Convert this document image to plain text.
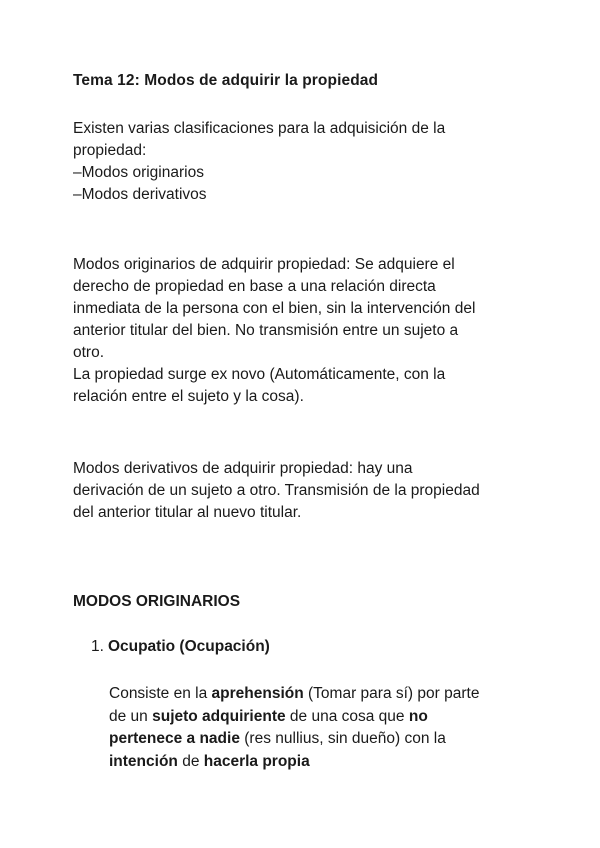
Tema 12: Modos de adquirir la propiedad

Existen varias clasificaciones para la adquisición de la
propiedad:
–Modos originarios
–Modos derivativos

Modos originarios de adquirir propiedad: Se adquiere el
derecho de propiedad en base a una relación directa
inmediata de la persona con el bien, sin la intervención del
anterior titular del bien. No transmisión entre un sujeto a
otro.
La propiedad surge ex novo (Automáticamente, con la
relación entre el sujeto y la cosa).

Modos derivativos de adquirir propiedad: hay una
derivación de un sujeto a otro. Transmisión de la propiedad
del anterior titular al nuevo titular.

MODOS ORIGINARIOS

1. Ocupatio (Ocupación)

Consiste en la aprehensión (Tomar para sí) por parte
de un sujeto adquiriente de una cosa que no
pertenece a nadie (res nullius, sin dueño) con la
intención de hacerla propia
